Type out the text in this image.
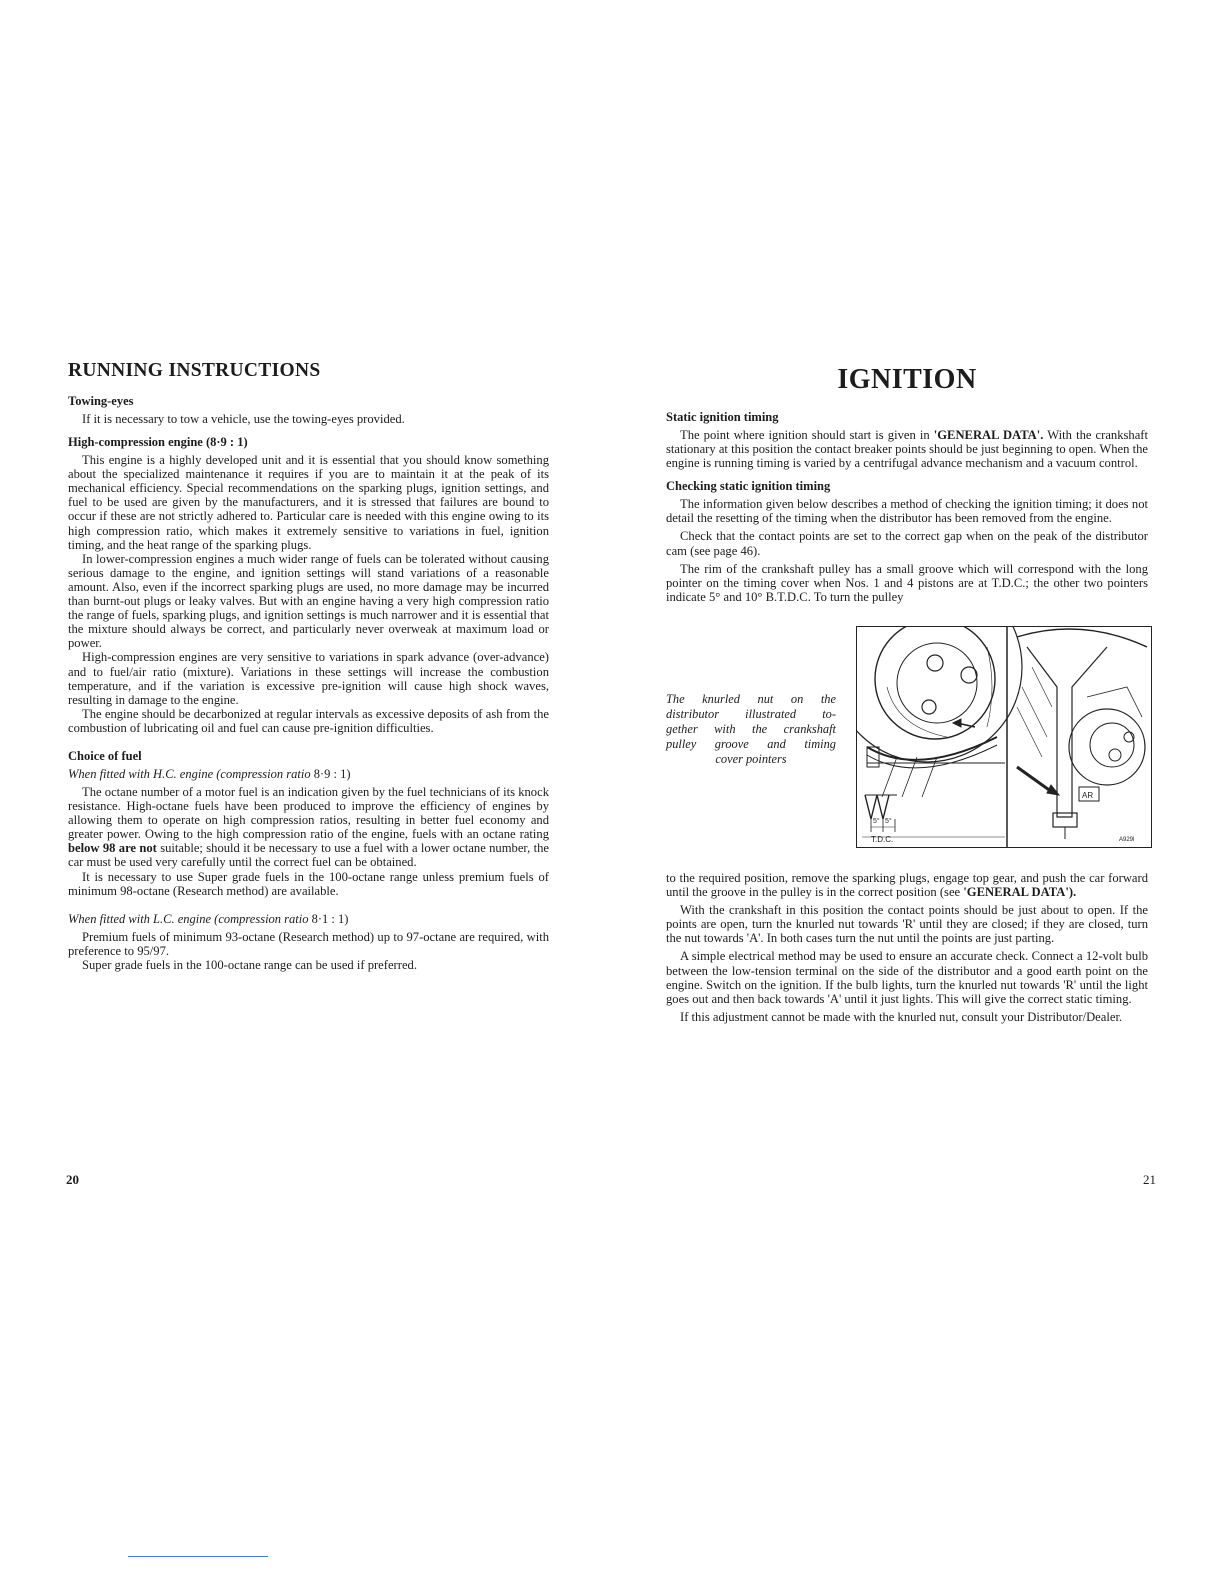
RUNNING INSTRUCTIONS
Towing-eyes

If it is necessary to tow a vehicle, use the towing-eyes provided.

High-compression engine (8·9 : 1)

This engine is a highly developed unit and it is essential that you should know something about the specialized maintenance it requires if you are to maintain it at the peak of its mechanical efficiency. Special recommendations on the sparking plugs, ignition settings, and fuel to be used are given by the manufacturers, and it is stressed that failures are bound to occur if these are not strictly adhered to. Particular care is needed with this engine owing to its high compression ratio, which makes it extremely sensitive to variations in fuel, ignition timing, and the heat range of the sparking plugs.

In lower-compression engines a much wider range of fuels can be tolerated without causing serious damage to the engine, and ignition settings will stand variations of a reasonable amount. Also, even if the incorrect sparking plugs are used, no more damage may be incurred than burnt-out plugs or leaky valves. But with an engine having a very high compression ratio the range of fuels, sparking plugs, and ignition settings is much narrower and it is essential that the mixture should always be correct, and particularly never overweak at maximum load or power.

High-compression engines are very sensitive to variations in spark advance (over-advance) and to fuel/air ratio (mixture). Variations in these settings will increase the combustion temperature, and if the variation is excessive pre-ignition will cause high shock waves, resulting in damage to the engine.

The engine should be decarbonized at regular intervals as excessive deposits of ash from the combustion of lubricating oil and fuel can cause pre-ignition difficulties.

Choice of fuel
When fitted with H.C. engine (compression ratio 8·9 : 1)

The octane number of a motor fuel is an indication given by the fuel technicians of its knock resistance. High-octane fuels have been produced to improve the efficiency of engines by allowing them to operate on high compression ratios, resulting in better fuel economy and greater power. Owing to the high compression ratio of the engine, fuels with an octane rating below 98 are not suitable; should it be necessary to use a fuel with a lower octane number, the car must be used very carefully until the correct fuel can be obtained.

It is necessary to use Super grade fuels in the 100-octane range unless premium fuels of minimum 98-octane (Research method) are available.

When fitted with L.C. engine (compression ratio 8·1 : 1)

Premium fuels of minimum 93-octane (Research method) up to 97-octane are required, with preference to 95/97.

Super grade fuels in the 100-octane range can be used if preferred.

20
IGNITION
Static ignition timing

The point where ignition should start is given in 'GENERAL DATA'. With the crankshaft stationary at this position the contact breaker points should be just beginning to open. When the engine is running timing is varied by a centrifugal advance mechanism and a vacuum control.

Checking static ignition timing

The information given below describes a method of checking the ignition timing; it does not detail the resetting of the timing when the distributor has been removed from the engine.

Check that the contact points are set to the correct gap when on the peak of the distributor cam (see page 46).

The rim of the crankshaft pulley has a small groove which will correspond with the long pointer on the timing cover when Nos. 1 and 4 pistons are at T.D.C.; the other two pointers indicate 5° and 10° B.T.D.C. To turn the pulley

The knurled nut on the
distributor illustrated to-
gether with the crankshaft
pulley groove and timing
cover pointers
T.D.C.
5° 5°
AR
A929l

to the required position, remove the sparking plugs, engage top gear, and push the car forward until the groove in the pulley is in the correct position (see 'GENERAL DATA').

With the crankshaft in this position the contact points should be just about to open. If the points are open, turn the knurled nut towards 'R' until they are closed; if they are closed, turn the nut towards 'A'. In both cases turn the nut until the points are just parting.

A simple electrical method may be used to ensure an accurate check. Connect a 12-volt bulb between the low-tension terminal on the side of the distributor and a good earth point on the engine. Switch on the ignition. If the bulb lights, turn the knurled nut towards 'R' until the light goes out and then back towards 'A' until it just lights. This will give the correct static timing.

If this adjustment cannot be made with the knurled nut, consult your Distributor/Dealer.

21
